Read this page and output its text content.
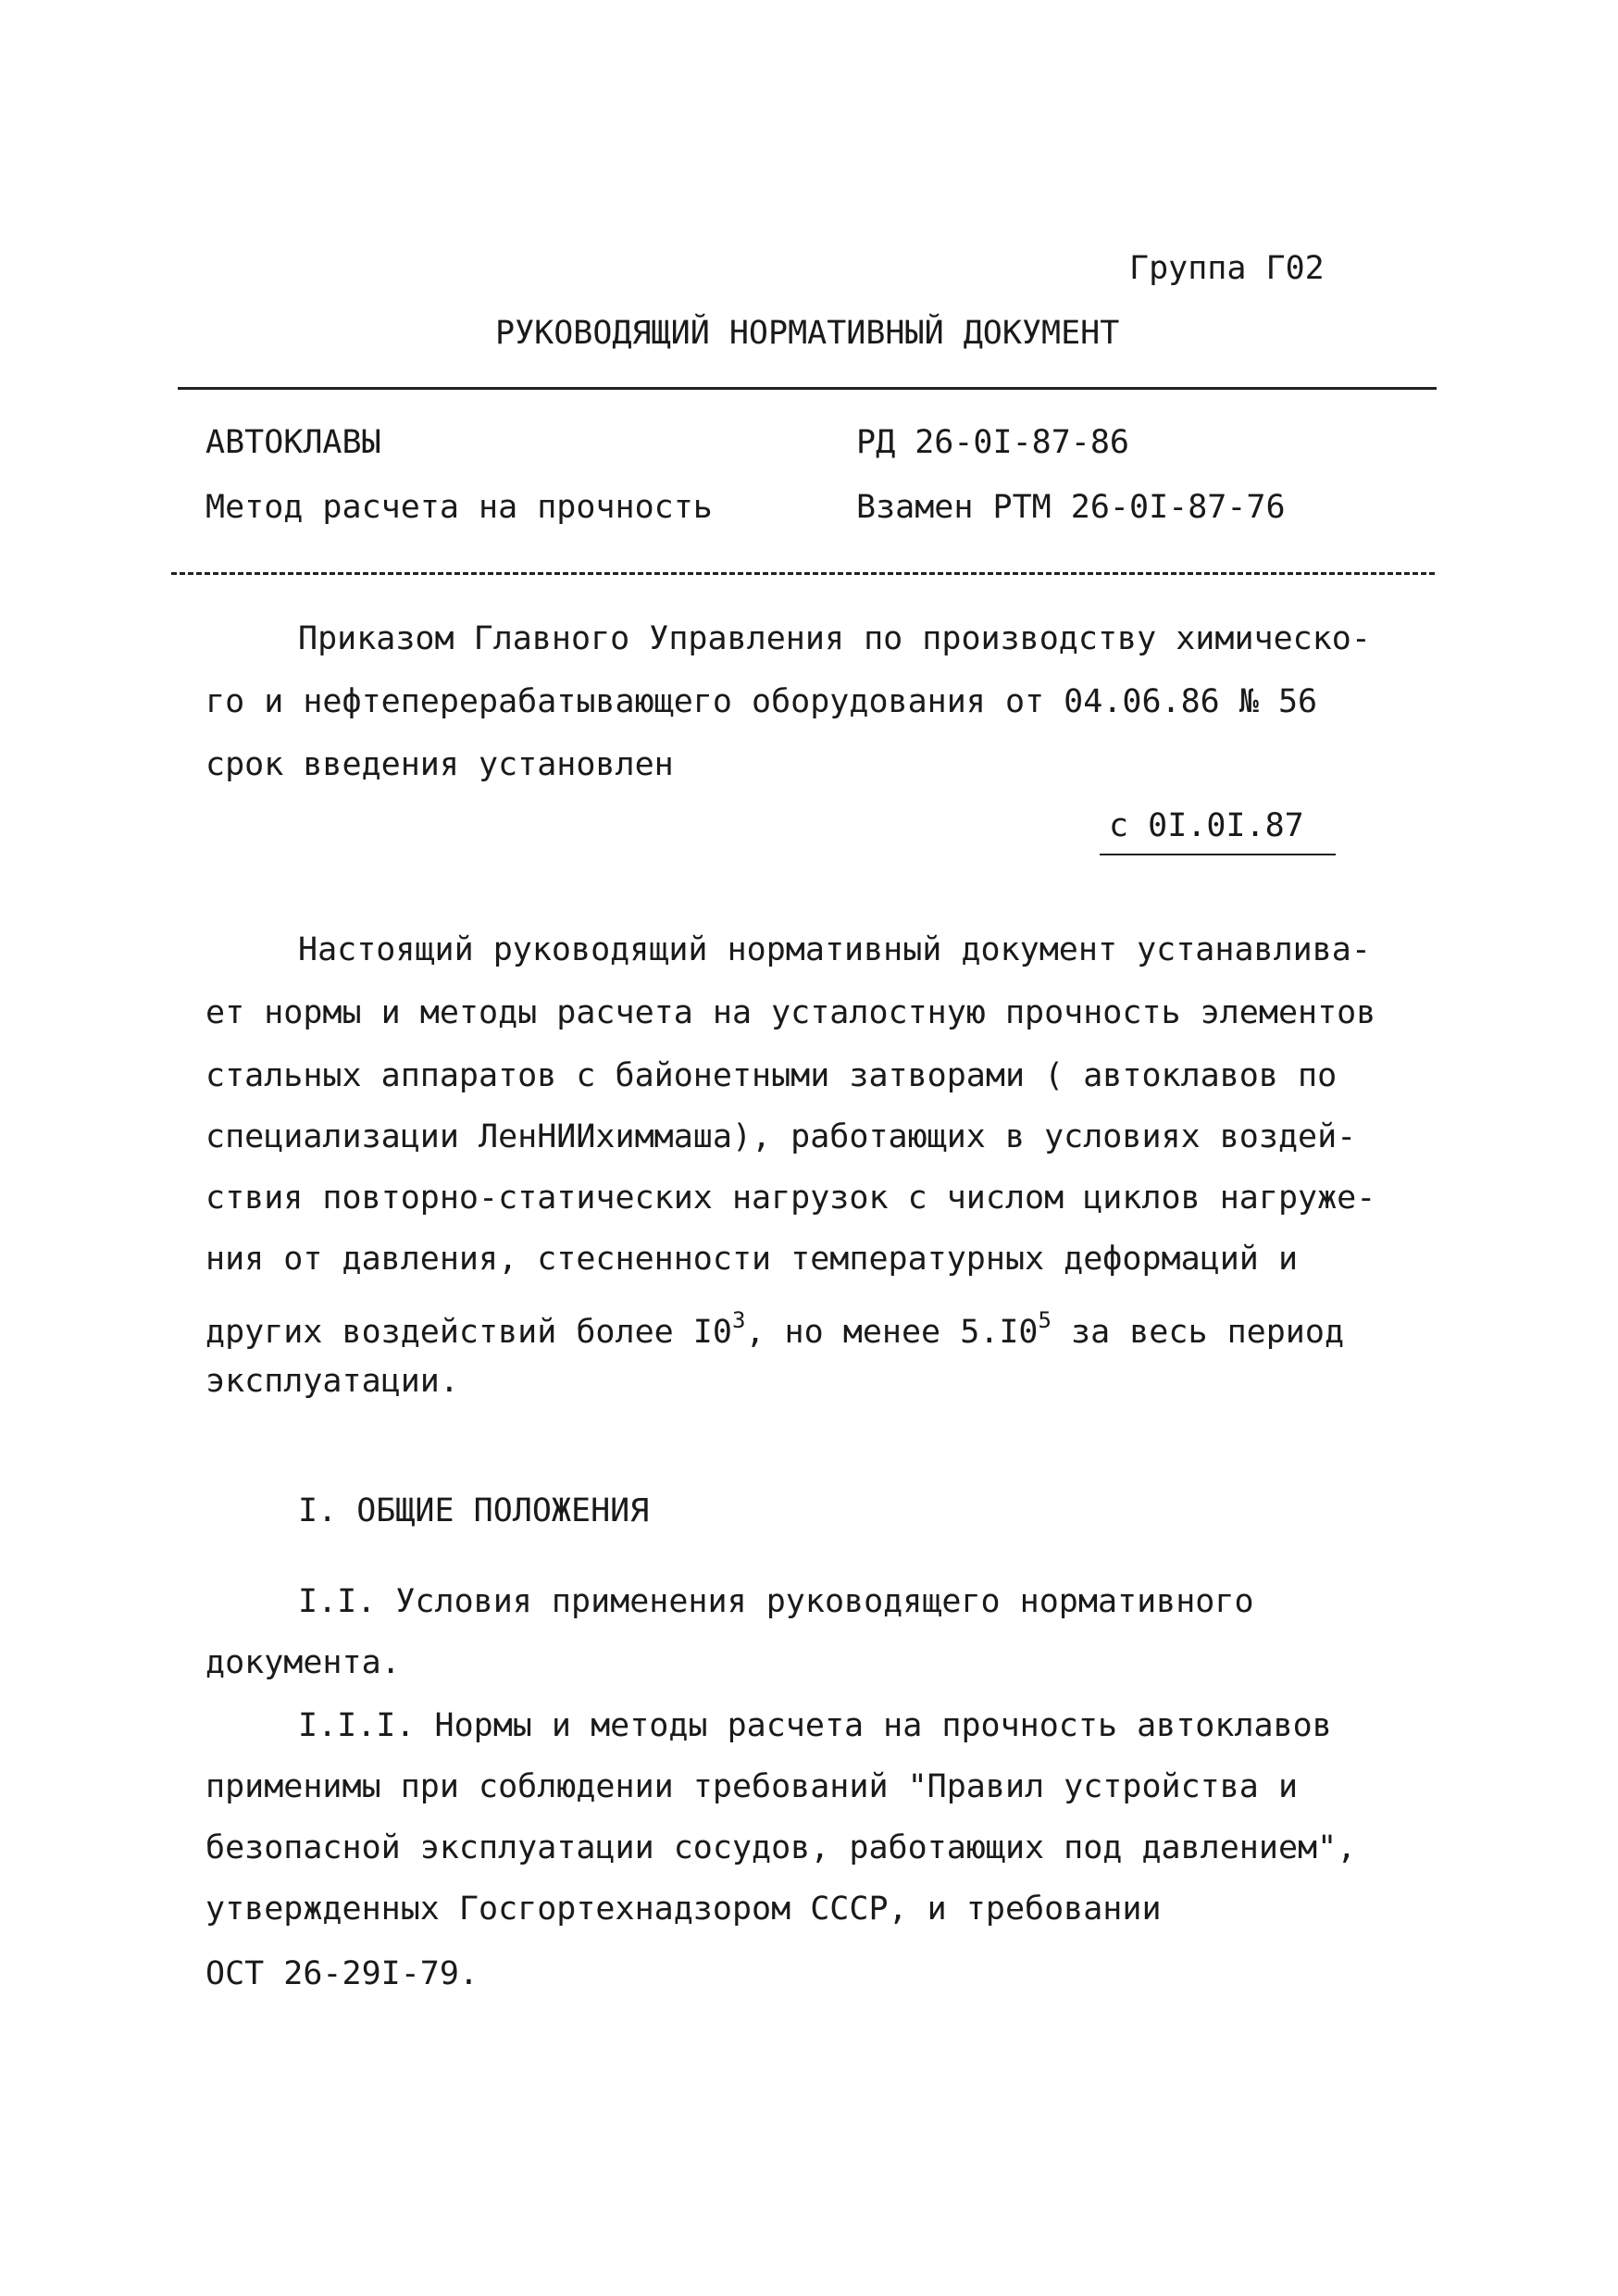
Группа Г02
РУКОВОДЯЩИЙ НОРМАТИВНЫЙ ДОКУМЕНТ
АВТОКЛАВЫ	РД 26-0I-87-86
Метод расчета на прочность	Взамен РТМ 26-0I-87-76
Приказом Главного Управления по производству химическо-
го и нефтеперерабатывающего оборудования от 04.06.86 № 56
срок введения установлен
с 0I.0I.87
Настоящий руководящий нормативный документ устанавлива-
ет нормы и методы расчета на усталостную прочность элементов
стальных аппаратов с байонетными затворами ( автоклавов по
специализации ЛенНИИхиммаша), работающих в условиях воздей-
ствия повторно-статических нагрузок с числом циклов нагруже-
ния от давления, стесненности температурных деформаций и
других воздействий более $I0^3$, но менее $5.I0^5$ за весь период
эксплуатации.
I. ОБЩИЕ ПОЛОЖЕНИЯ
I.I. Условия применения руководящего нормативного
документа.
I.I.I. Нормы и методы расчета на прочность автоклавов
применимы при соблюдении требований "Правил устройства и
безопасной эксплуатации сосудов, работающих под давлением",
утвержденных Госгортехнадзором СССР, и требовании
ОСТ 26-29I-79.
